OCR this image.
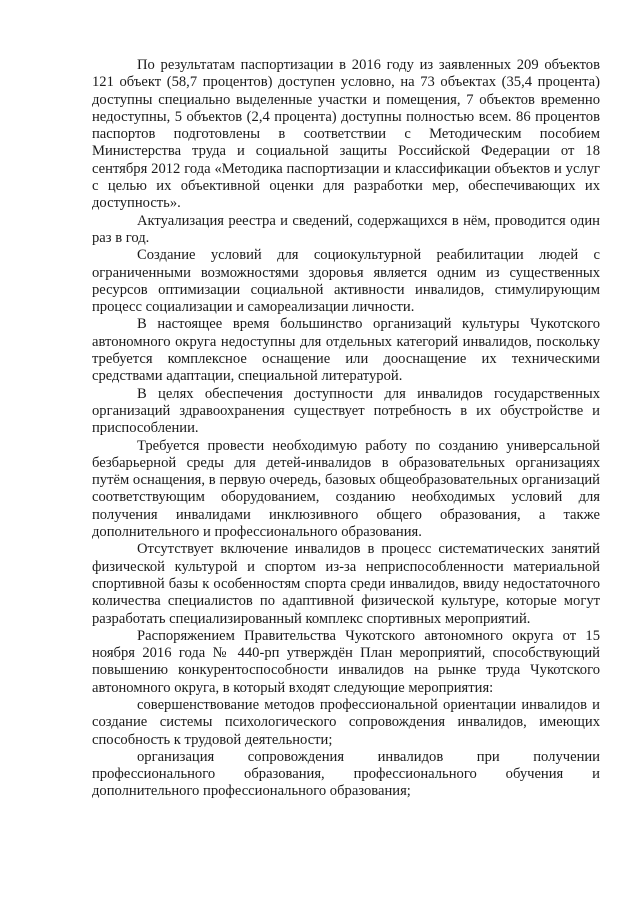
По результатам паспортизации в 2016 году из заявленных 209 объектов 121 объект (58,7 процентов) доступен условно, на 73 объектах (35,4 процента) доступны специально выделенные участки и помещения, 7 объектов временно недоступны, 5 объектов (2,4 процента) доступны полностью всем. 86 процентов паспортов подготовлены в соответствии с Методическим пособием Министерства труда и социальной защиты Российской Федерации от 18 сентября 2012 года «Методика паспортизации и классификации объектов и услуг с целью их объективной оценки для разработки мер, обеспечивающих их доступность».

Актуализация реестра и сведений, содержащихся в нём, проводится один раз в год.

Создание условий для социокультурной реабилитации людей с ограниченными возможностями здоровья является одним из существенных ресурсов оптимизации социальной активности инвалидов, стимулирующим процесс социализации и самореализации личности.

В настоящее время большинство организаций культуры Чукотского автономного округа недоступны для отдельных категорий инвалидов, поскольку требуется комплексное оснащение или дооснащение их техническими средствами адаптации, специальной литературой.

В целях обеспечения доступности для инвалидов государственных организаций здравоохранения существует потребность в их обустройстве и приспособлении.

Требуется провести необходимую работу по созданию универсальной безбарьерной среды для детей-инвалидов в образовательных организациях путём оснащения, в первую очередь, базовых общеобразовательных организаций соответствующим оборудованием, созданию необходимых условий для получения инвалидами инклюзивного общего образования, а также дополнительного и профессионального образования.

Отсутствует включение инвалидов в процесс систематических занятий физической культурой и спортом из-за неприспособленности материальной спортивной базы к особенностям спорта среди инвалидов, ввиду недостаточного количества специалистов по адаптивной физической культуре, которые могут разработать специализированный комплекс спортивных мероприятий.

Распоряжением Правительства Чукотского автономного округа от 15 ноября 2016 года № 440-рп утверждён План мероприятий, способствующий повышению конкурентоспособности инвалидов на рынке труда Чукотского автономного округа, в который входят следующие мероприятия:

совершенствование методов профессиональной ориентации инвалидов и создание системы психологического сопровождения инвалидов, имеющих способность к трудовой деятельности;

организация сопровождения инвалидов при получении профессионального образования, профессионального обучения и дополнительного профессионального образования;
